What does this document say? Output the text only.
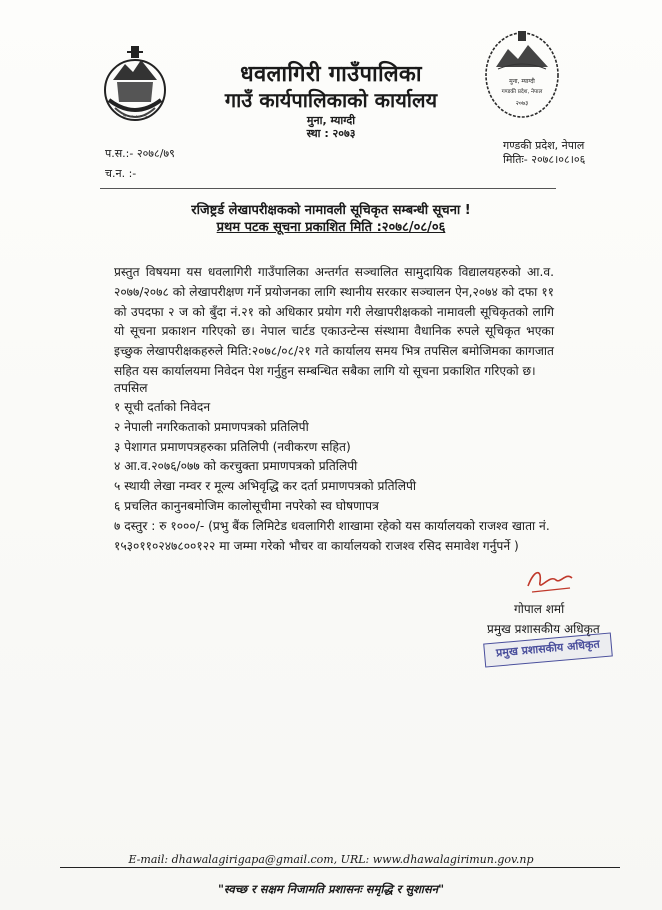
~~~~~~
मुना, म्याग्दी
गण्डकी प्रदेश, नेपाल
२०७३
धवलागिरी गाउँपालिका
गाउँ कार्यपालिकाको कार्यालय
मुना, म्याग्दी
स्था : २०७३
गण्डकी प्रदेश, नेपाल
मितिः- २०७८।०८।०६
प.स.:- २०७८/७९
च.न. :-
रजिष्ट्रर्ड लेखापरीक्षकको नामावली सूचिकृत सम्बन्धी सूचना !
प्रथम पटक सूचना प्रकाशित मिति :२०७८/०८/०६
प्रस्तुत विषयमा यस धवलागिरी गाउँपालिका अन्तर्गत सञ्चालित सामुदायिक विद्यालयहरुको आ.व. २०७७/२०७८ को लेखापरीक्षण गर्ने प्रयोजनका लागि स्थानीय सरकार सञ्चालन ऐन,२०७४ को दफा ११ को उपदफा २ ज को बुँदा नं.२१ को अधिकार प्रयोग गरी लेखापरीक्षकको नामावली सूचिकृतको लागि यो सूचना प्रकाशन गरिएको छ। नेपाल चार्टड एकाउन्टेन्स संस्थामा वैधानिक रुपले सूचिकृत भएका इच्छुक लेखापरीक्षकहरुले मिति:२०७८/०८/२१ गते कार्यालय समय भित्र तपसिल बमोजिमका कागजात सहित यस कार्यालयमा निवेदन पेश गर्नुहुन सम्बन्धित सबैका लागि यो सूचना प्रकाशित गरिएको छ।
तपसिल
१ सूची दर्ताको निवेदन
२ नेपाली नगरिकताको प्रमाणपत्रको प्रतिलिपी
३ पेशागत प्रमाणपत्रहरुका प्रतिलिपी (नवीकरण सहित)
४ आ.व.२०७६/०७७ को करचुक्ता प्रमाणपत्रको प्रतिलिपी
५ स्थायी लेखा नम्वर र मूल्य अभिवृद्धि कर दर्ता प्रमाणपत्रको प्रतिलिपी
६ प्रचलित कानुनबमोजिम कालोसूचीमा नपरेको स्व घोषणापत्र
७ दस्तुर : रु १०००/- (प्रभु बैंक लिमिटेड धवलागिरी शाखामा रहेको यस कार्यालयको राजश्व खाता नं.
१५३०११०२४७८००१२२ मा जम्मा गरेको भौचर वा कार्यालयको राजश्व रसिद समावेश गर्नुपर्ने )
गोपाल शर्मा
प्रमुख प्रशासकीय अधिकृत
प्रमुख प्रशासकीय अधिकृत
E-mail: dhawalagirigapa@gmail.com, URL: www.dhawalagirimun.gov.np
"स्वच्छ र सक्षम निजामति प्रशासनः समृद्धि र सुशासन"
